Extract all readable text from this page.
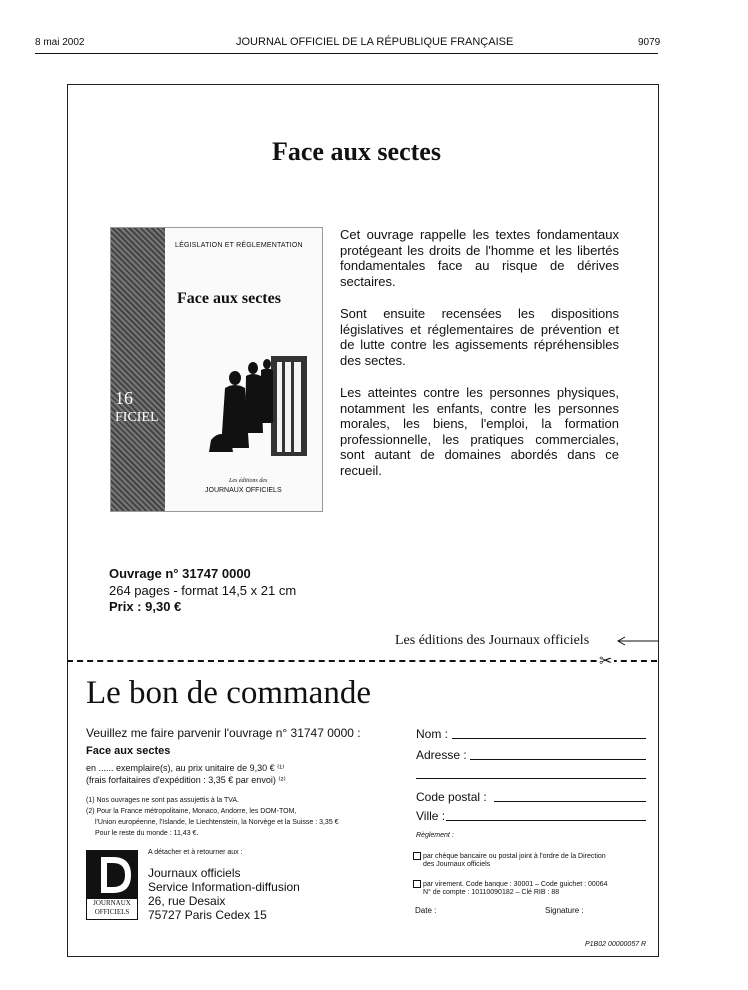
8 mai 2002	JOURNAL OFFICIEL DE LA RÉPUBLIQUE FRANÇAISE	9079
Face aux sectes
16
FICIEL
LÉGISLATION ET RÉGLEMENTATION
Face aux sectes
Les éditions des
JOURNAUX OFFICIELS
Cet ouvrage rappelle les textes fondamentaux protégeant les droits de l'homme et les libertés fondamentales face au risque de dérives sectaires.
Sont ensuite recensées les dispositions législatives et réglementaires de prévention et de lutte contre les agissements répréhensibles des sectes.
Les atteintes contre les personnes physiques, notamment les enfants, contre les personnes morales, les biens, l'emploi, la formation professionnelle, les pratiques commerciales, sont autant de domaines abordés dans ce recueil.
Ouvrage n° 31747 0000
264 pages - format 14,5 x 21 cm
Prix : 9,30 €
Les éditions des Journaux officiels
✂
Le bon de commande
Veuillez me faire parvenir l'ouvrage n° 31747 0000 :
Face aux sectes
en ...... exemplaire(s), au prix unitaire de 9,30 € ⁽¹⁾
(frais forfaitaires d'expédition : 3,35 € par envoi) ⁽²⁾
(1) Nos ouvrages ne sont pas assujettis à la TVA.
(2) Pour la France métropolitaine, Monaco, Andorre, les DOM-TOM,
l'Union européenne, l'Islande, le Liechtenstein, la Norvège et la Suisse : 3,35 €
Pour le reste du monde : 11,43 €.
JOURNAUX
OFFICIELS
A détacher et à retourner aux :
Journaux officiels
Service Information-diffusion
26, rue Desaix
75727 Paris Cedex 15
Nom :
Adresse :
Code postal :
Ville :
Règlement :
par chèque bancaire ou postal joint à l'ordre de la Direction
des Journaux officiels
par virement. Code banque : 30001 – Code guichet : 00064
N° de compte : 10110090182 – Clé RIB : 88
Date :	Signature :
P1B02 00000057 R
